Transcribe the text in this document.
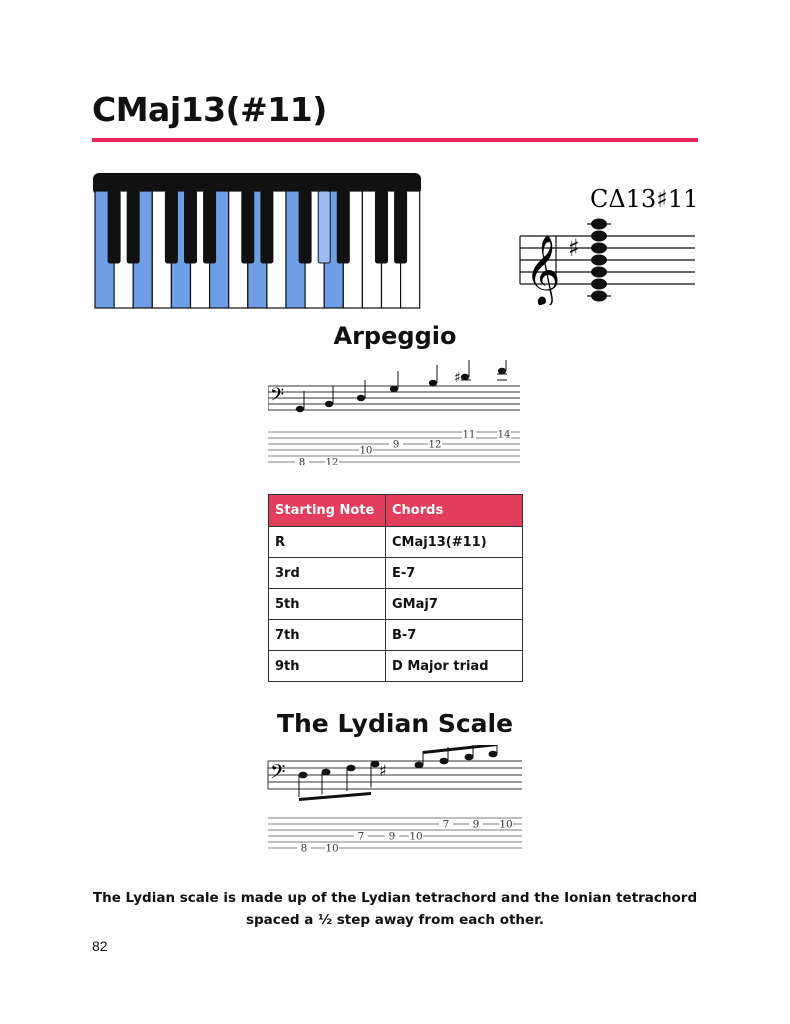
CMaj13(#11)
CΔ13♯11
𝄞 ♯
Arpeggio
𝄢
♯
8 12
10
9	12
11 14
Starting Note	Chords
R	CMaj13(#11)
3rd	E-7
5th	GMaj7
7th	B-7
9th	D Major triad
The Lydian Scale
𝄢	♯
8 10
7 9 10
7 9 10
The Lydian scale is made up of the Lydian tetrachord and the Ionian tetrachord
spaced a ½ step away from each other.
82
